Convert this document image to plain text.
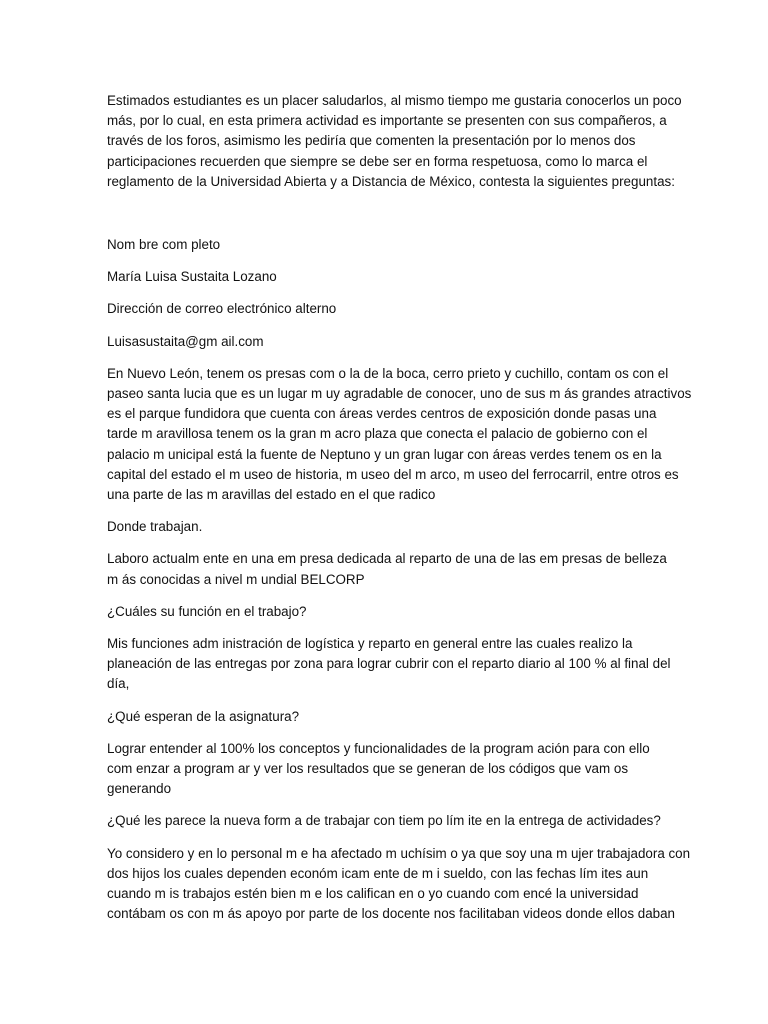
Estimados estudiantes es un placer saludarlos, al mismo tiempo me gustaria conocerlos un poco

más, por lo cual, en esta primera actividad es importante se presenten con sus compañeros, a

través de los foros, asimismo les pediría que comenten la presentación por lo menos dos

participaciones recuerden que siempre se debe ser en forma respetuosa, como lo marca el

reglamento de la Universidad Abierta y a Distancia de México, contesta la siguientes preguntas:

Nom bre com pleto

María Luisa Sustaita Lozano

Dirección de correo electrónico alterno

Luisasustaita@gm ail.com

En Nuevo León, tenem os presas com o la de la boca, cerro prieto y cuchillo, contam os con el

paseo santa lucia que es un lugar m uy agradable de conocer, uno de sus m ás grandes atractivos

es el parque fundidora que cuenta con áreas verdes centros de exposición donde pasas una

tarde m aravillosa tenem os la gran m acro plaza que conecta el palacio de gobierno con el

palacio m unicipal está la fuente de Neptuno y un gran lugar con áreas verdes tenem os en la

capital del estado el m useo de historia, m useo del m arco, m useo del ferrocarril, entre otros es

una parte de las m aravillas del estado en el que radico

Donde trabajan.

Laboro actualm ente en una em presa dedicada al reparto de una de las em presas de belleza

m ás conocidas a nivel m undial BELCORP

¿Cuáles su función en el trabajo?

Mis funciones adm inistración de logística y reparto en general entre las cuales realizo la

planeación de las entregas por zona para lograr cubrir con el reparto diario al 100 % al final del

día,

¿Qué esperan de la asignatura?

Lograr entender al 100% los conceptos y funcionalidades de la program ación para con ello

com enzar a program ar y ver los resultados que se generan de los códigos que vam os

generando

¿Qué les parece la nueva form a de trabajar con tiem po lím ite en la entrega de actividades?

Yo considero y en lo personal m e ha afectado m uchísim o ya que soy una m ujer trabajadora con

dos hijos los cuales dependen económ icam ente de m i sueldo, con las fechas lím ites aun

cuando m is trabajos estén bien m e los califican en o yo cuando com encé la universidad

contábam os con m ás apoyo por parte de los docente nos facilitaban videos donde ellos daban
